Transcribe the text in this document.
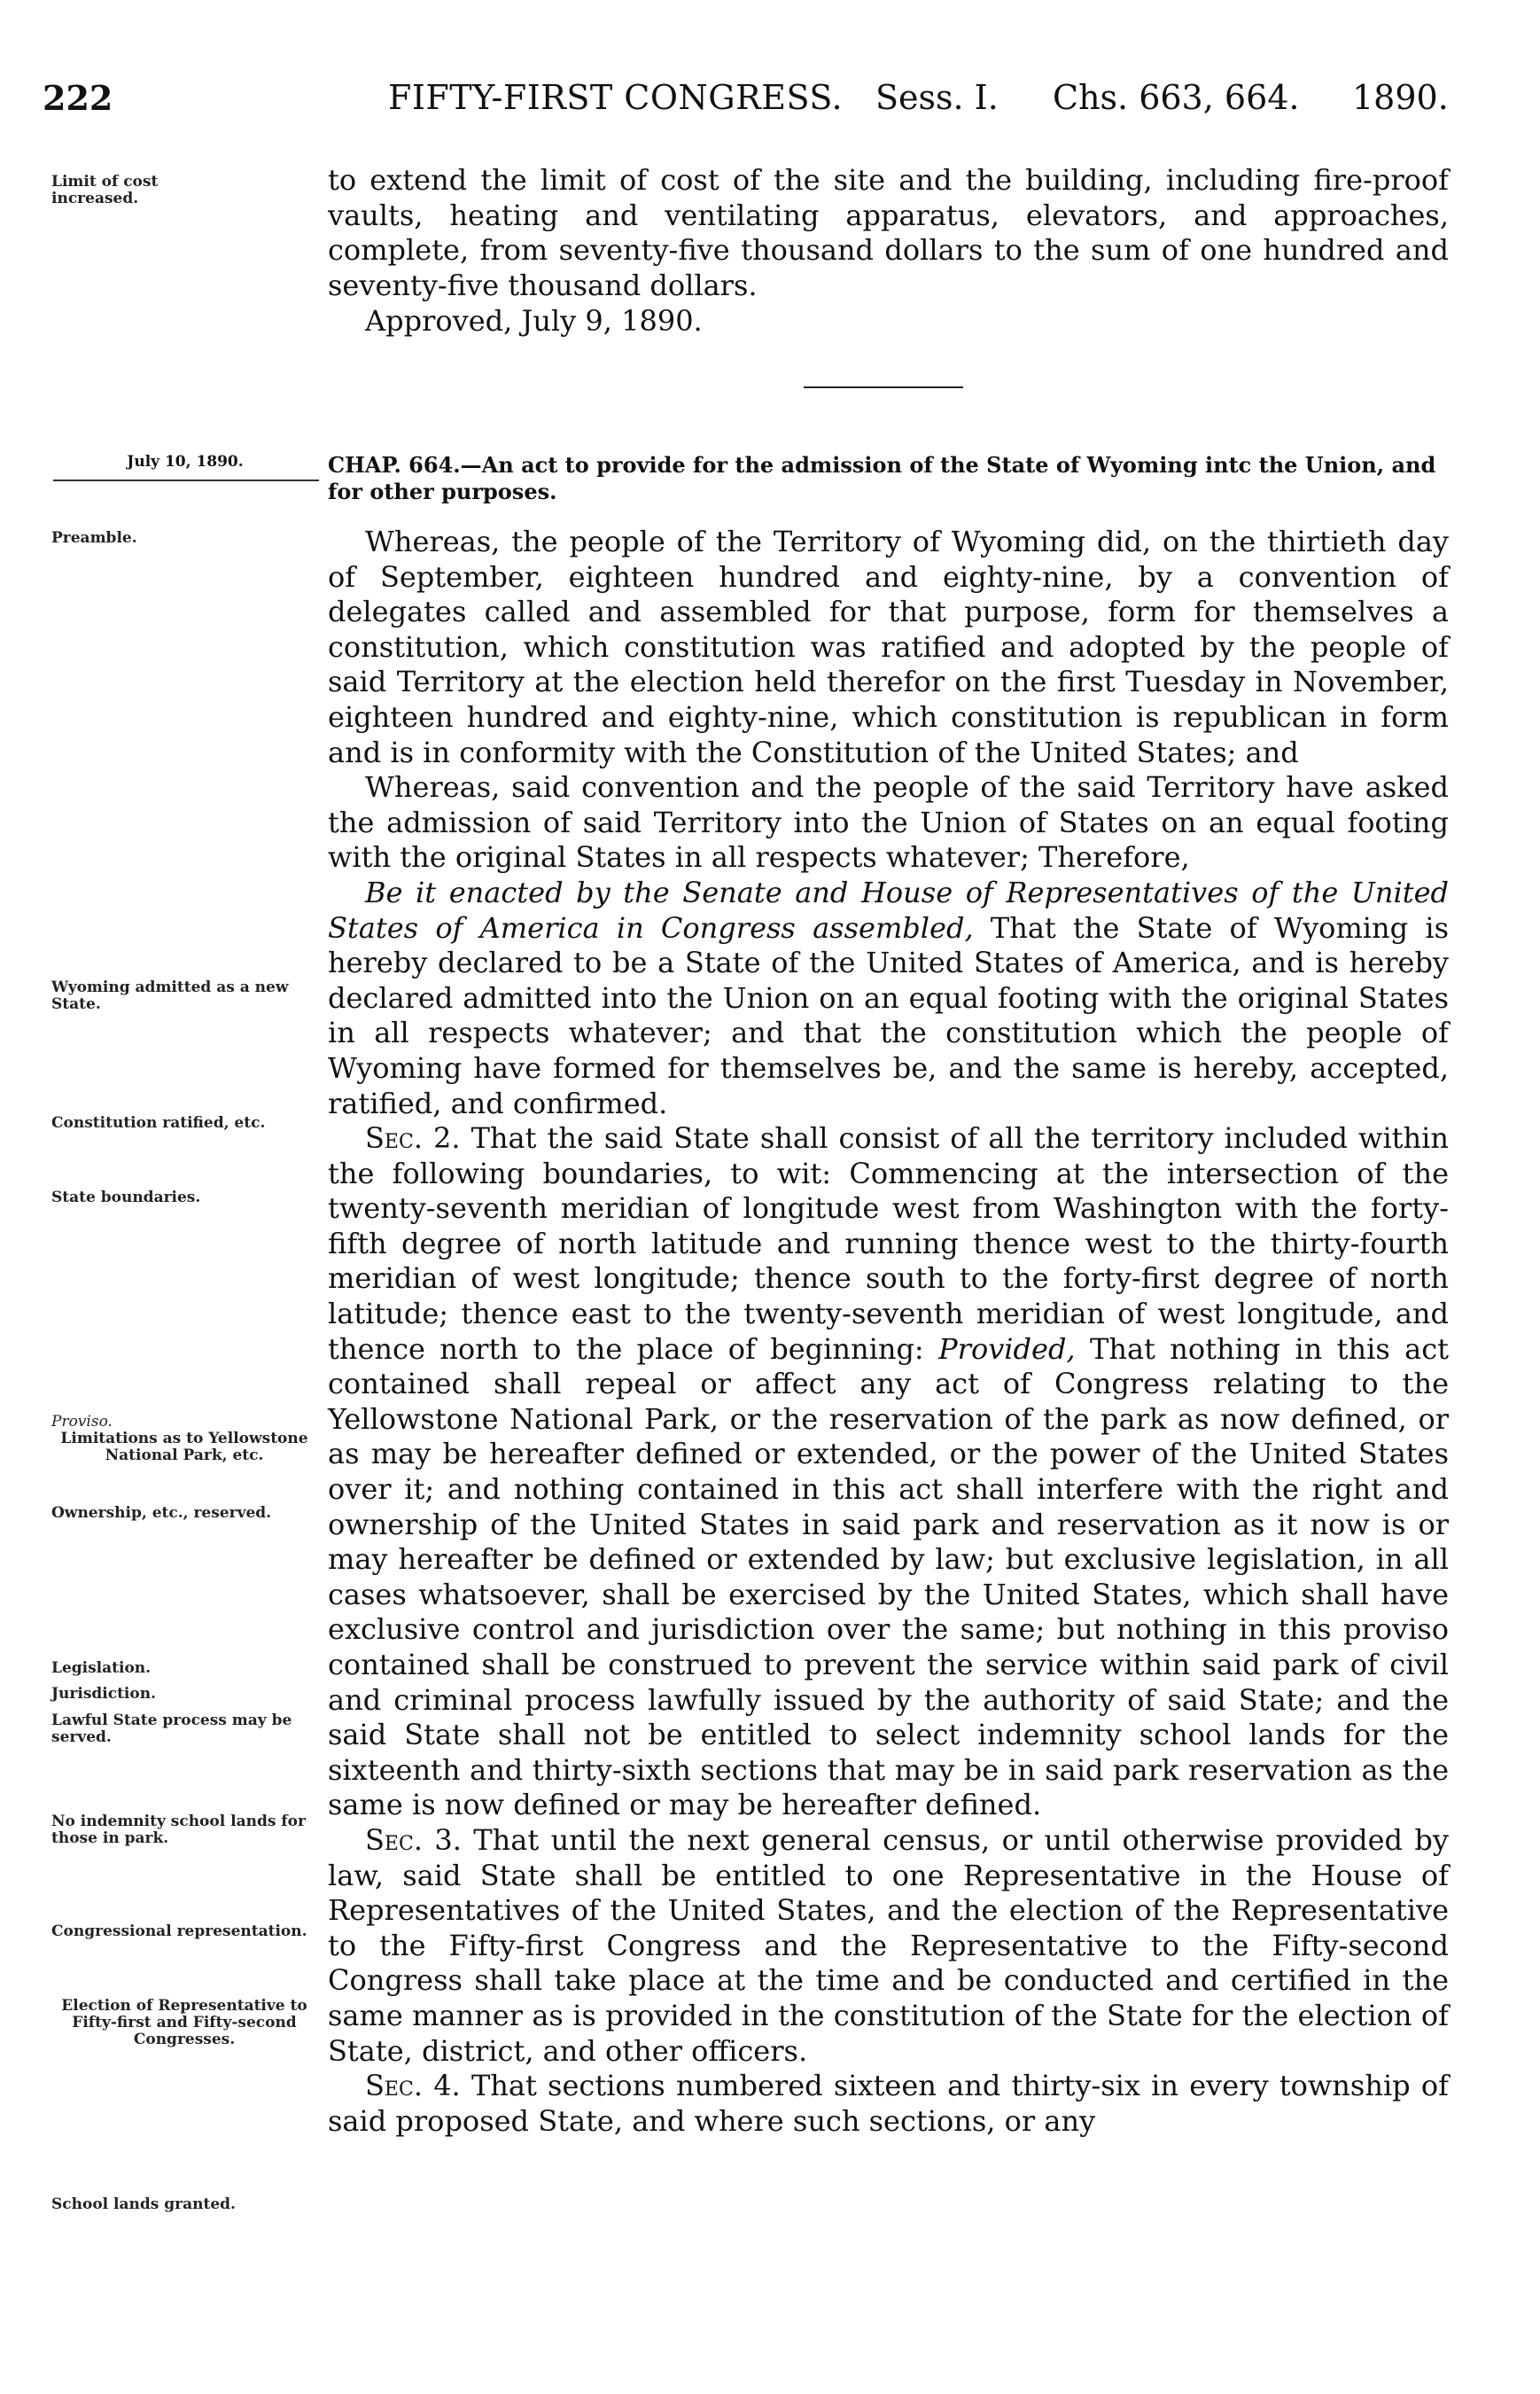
222	FIFTY-FIRST CONGRESS. Sess. I. Chs. 663, 664. 1890.
Limit of cost increased.

to extend the limit of cost of the site and the building, including fire-proof vaults, heating and ventilating apparatus, elevators, and approaches, complete, from seventy-five thousand dollars to the sum of one hundred and seventy-five thousand dollars.

Approved, July 9, 1890.
July 10, 1890.	CHAP. 664.—An act to provide for the admission of the State of Wyoming intc the Union, and for other purposes.
Preamble.
Wyoming admitted as a new State.
Constitution ratified, etc.
State boundaries.
Proviso.
Limitations as to Yellowstone National Park, etc.
Ownership, etc., reserved.
Legislation.
Jurisdiction.
Lawful State process may be served.
No indemnity school lands for those in park.
Congressional representation.
Election of Representative to Fifty-first and Fifty-second Congresses.
School lands granted.

Whereas, the people of the Territory of Wyoming did, on the thirtieth day of September, eighteen hundred and eighty-nine, by a convention of delegates called and assembled for that purpose, form for themselves a constitution, which constitution was ratified and adopted by the people of said Territory at the election held therefor on the first Tuesday in November, eighteen hundred and eighty-nine, which constitution is republican in form and is in conformity with the Constitution of the United States; and

Whereas, said convention and the people of the said Territory have asked the admission of said Territory into the Union of States on an equal footing with the original States in all respects whatever; Therefore,

Be it enacted by the Senate and House of Representatives of the United States of America in Congress assembled, That the State of Wyoming is hereby declared to be a State of the United States of America, and is hereby declared admitted into the Union on an equal footing with the original States in all respects whatever; and that the constitution which the people of Wyoming have formed for themselves be, and the same is hereby, accepted, ratified, and confirmed.

Sec. 2. That the said State shall consist of all the territory included within the following boundaries, to wit: Commencing at the intersection of the twenty-seventh meridian of longitude west from Washington with the forty-fifth degree of north latitude and running thence west to the thirty-fourth meridian of west longitude; thence south to the forty-first degree of north latitude; thence east to the twenty-seventh meridian of west longitude, and thence north to the place of beginning: Provided, That nothing in this act contained shall repeal or affect any act of Congress relating to the Yellowstone National Park, or the reservation of the park as now defined, or as may be hereafter defined or extended, or the power of the United States over it; and nothing contained in this act shall interfere with the right and ownership of the United States in said park and reservation as it now is or may hereafter be defined or extended by law; but exclusive legislation, in all cases whatsoever, shall be exercised by the United States, which shall have exclusive control and jurisdiction over the same; but nothing in this proviso contained shall be construed to prevent the service within said park of civil and criminal process lawfully issued by the authority of said State; and the said State shall not be entitled to select indemnity school lands for the sixteenth and thirty-sixth sections that may be in said park reservation as the same is now defined or may be hereafter defined.

Sec. 3. That until the next general census, or until otherwise provided by law, said State shall be entitled to one Representative in the House of Representatives of the United States, and the election of the Representative to the Fifty-first Congress and the Representative to the Fifty-second Congress shall take place at the time and be conducted and certified in the same manner as is provided in the constitution of the State for the election of State, district, and other officers.

Sec. 4. That sections numbered sixteen and thirty-six in every township of said proposed State, and where such sections, or any
